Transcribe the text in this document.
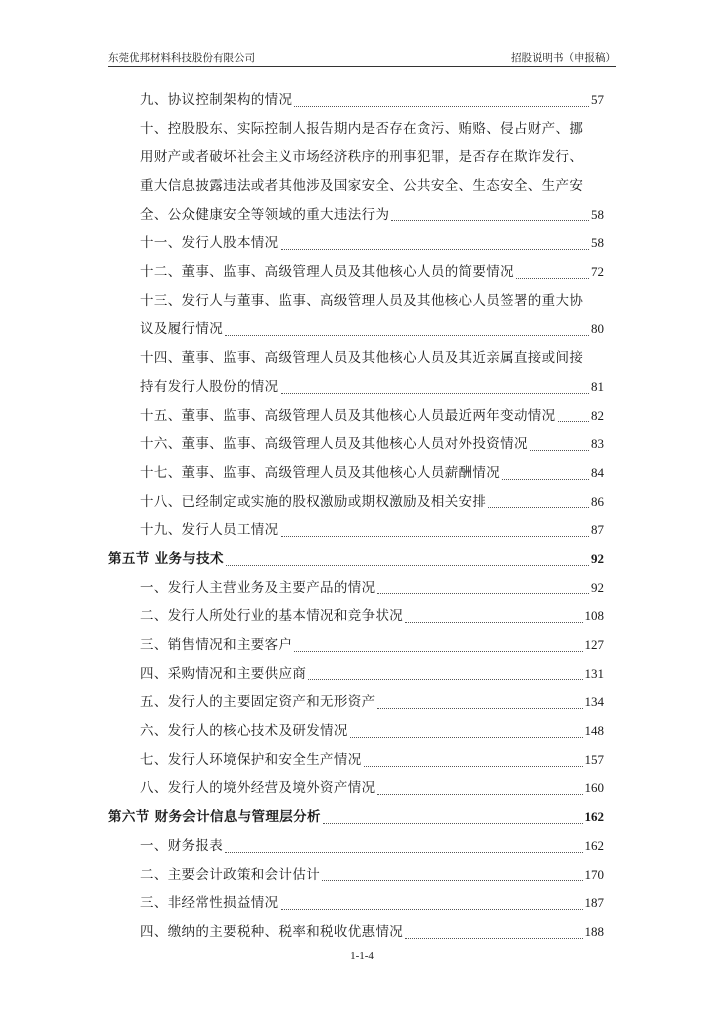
东莞优邦材料科技股份有限公司	招股说明书（申报稿）
九、协议控制架构的情况	57
十、控股股东、实际控制人报告期内是否存在贪污、贿赂、侵占财产、挪
用财产或者破坏社会主义市场经济秩序的刑事犯罪，是否存在欺诈发行、
重大信息披露违法或者其他涉及国家安全、公共安全、生态安全、生产安
全、公众健康安全等领域的重大违法行为	58
十一、发行人股本情况	58
十二、董事、监事、高级管理人员及其他核心人员的简要情况	72
十三、发行人与董事、监事、高级管理人员及其他核心人员签署的重大协
议及履行情况	80
十四、董事、监事、高级管理人员及其他核心人员及其近亲属直接或间接
持有发行人股份的情况	81
十五、董事、监事、高级管理人员及其他核心人员最近两年变动情况	82
十六、董事、监事、高级管理人员及其他核心人员对外投资情况	83
十七、董事、监事、高级管理人员及其他核心人员薪酬情况	84
十八、已经制定或实施的股权激励或期权激励及相关安排	86
十九、发行人员工情况	87
第五节 业务与技术	92
一、发行人主营业务及主要产品的情况	92
二、发行人所处行业的基本情况和竞争状况	108
三、销售情况和主要客户	127
四、采购情况和主要供应商	131
五、发行人的主要固定资产和无形资产	134
六、发行人的核心技术及研发情况	148
七、发行人环境保护和安全生产情况	157
八、发行人的境外经营及境外资产情况	160
第六节 财务会计信息与管理层分析	162
一、财务报表	162
二、主要会计政策和会计估计	170
三、非经常性损益情况	187
四、缴纳的主要税种、税率和税收优惠情况	188
1-1-4
